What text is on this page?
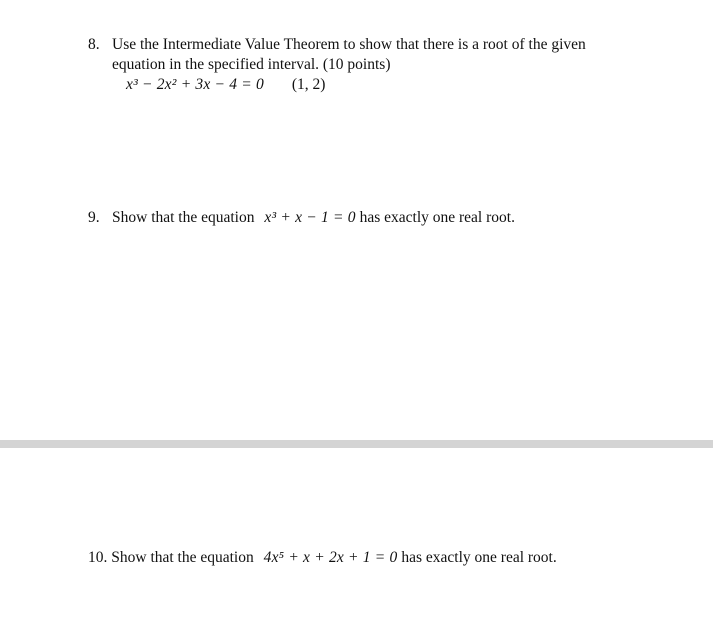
8. Use the Intermediate Value Theorem to show that there is a root of the given
equation in the specified interval. (10 points)
x³ − 2x² + 3x − 4 = 0 (1, 2)
9. Show that the equation x³ + x − 1 = 0 has exactly one real root.
10. Show that the equation 4x⁵ + x + 2x + 1 = 0 has exactly one real root.
